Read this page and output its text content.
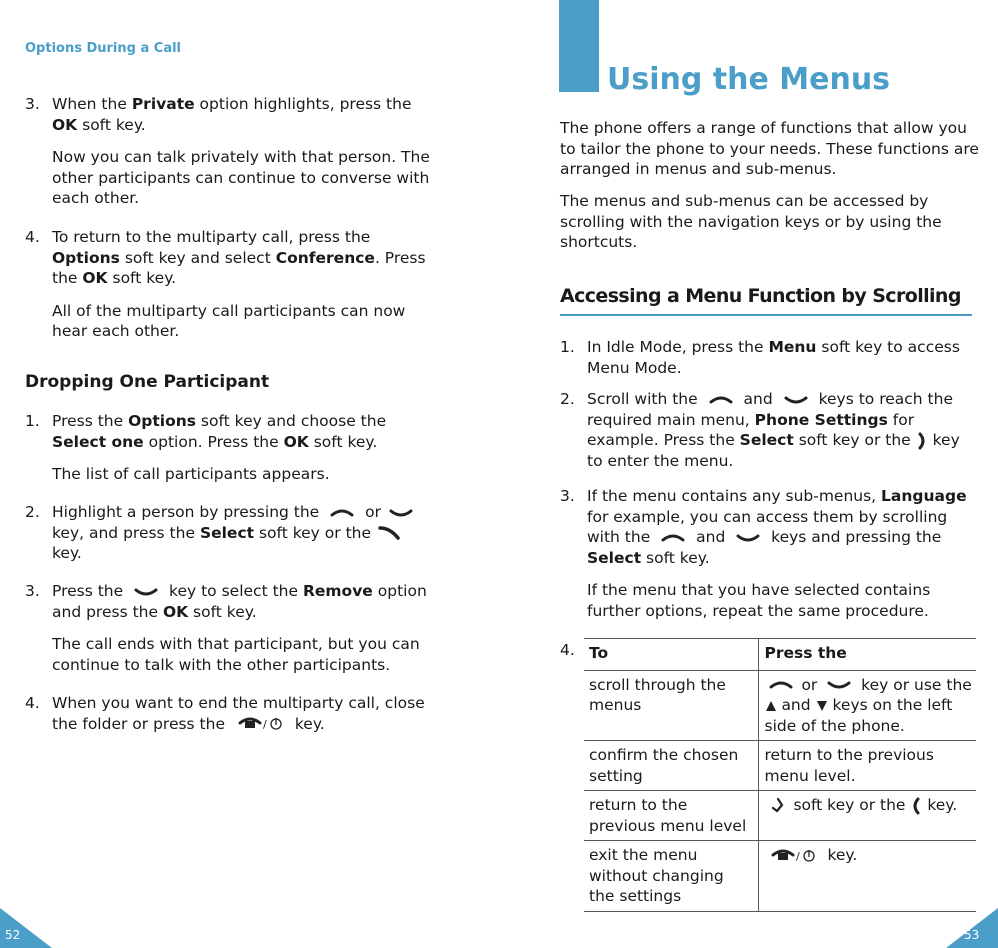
Options During a Call
3. When the Private option highlights, press the OK soft key.
Now you can talk privately with that person. The other participants can continue to converse with each other.
4. To return to the multiparty call, press the Options soft key and select Conference. Press the OK soft key.
All of the multiparty call participants can now hear each other.
Dropping One Participant
1. Press the Options soft key and choose the Select one option. Press the OK soft key.
The list of call participants appears.
2. Highlight a person by pressing the	or
key, and press the Select soft key or the
key.
3. Press the	key to select the Remove option and press the OK soft key.
The call ends with that participant, but you can continue to talk with the other participants.
4. When you want to end the multiparty call, close the folder or press the	/ key.
52
Using the Menus
The phone offers a range of functions that allow you to tailor the phone to your needs. These functions are arranged in menus and sub-menus.
The menus and sub-menus can be accessed by scrolling with the navigation keys or by using the shortcuts.
Accessing a Menu Function by Scrolling
1. In Idle Mode, press the Menu soft key to access Menu Mode.
2. Scroll with the	and	keys to reach the required main menu, Phone Settings for example. Press the Select soft key or the key to enter the menu.
3. If the menu contains any sub-menus, Language for example, you can access them by scrolling with the	and	keys and pressing the Select soft key.
If the menu that you have selected contains further options, repeat the same procedure.
4. To	Press the
scroll through the menus	or key or use the  and keys on the left side of the phone.
confirm the chosen setting	return to the previous menu level.
return to the previous menu level	soft key or the key.
exit the menu without changing the settings	/ key.
53
